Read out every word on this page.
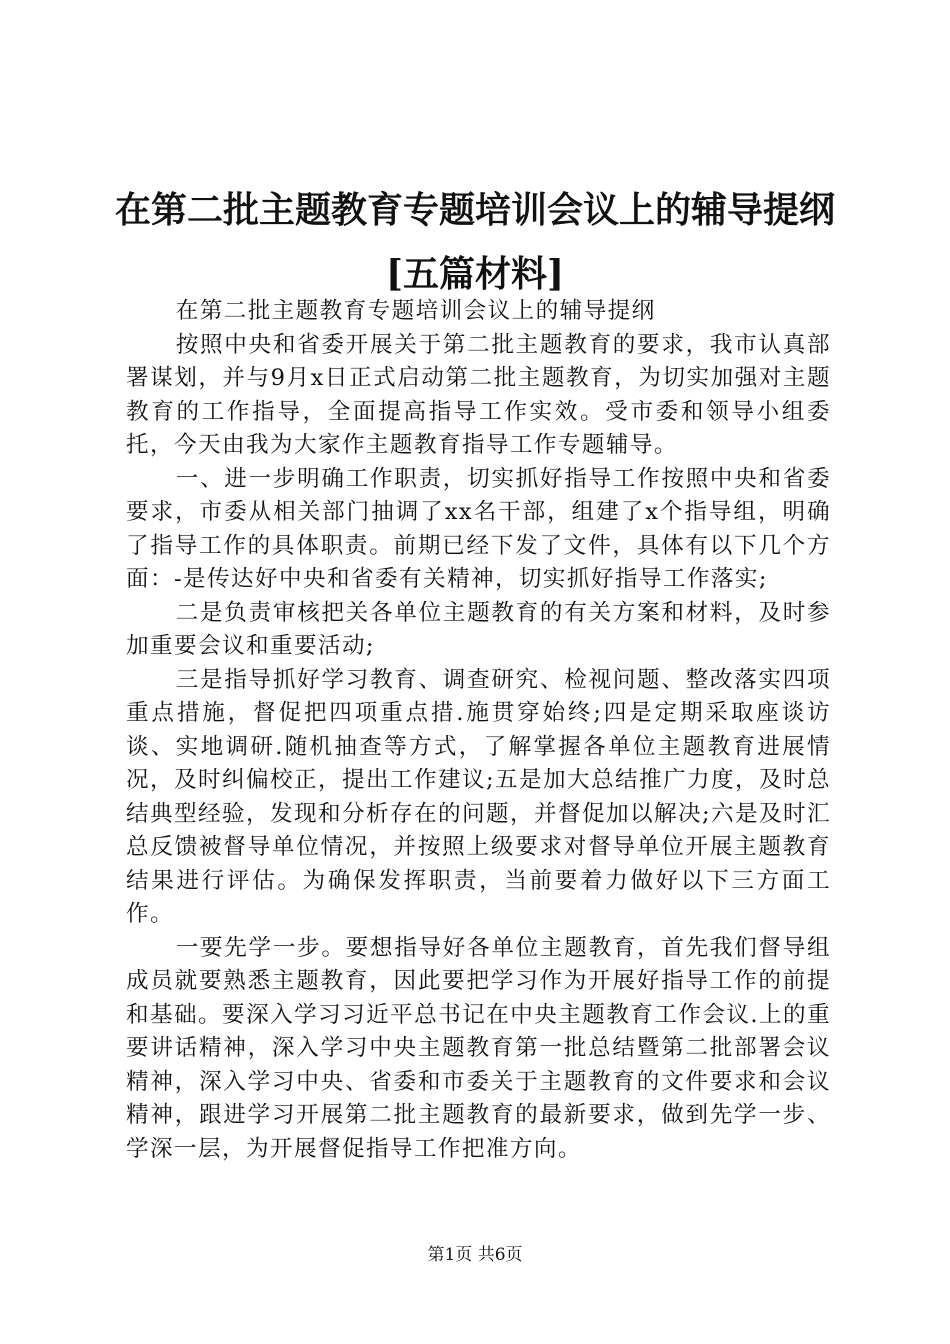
在第二批主题教育专题培训会议上的辅导提纲
[五篇材料]

在第二批主题教育专题培训会议上的辅导提纲

按照中央和省委开展关于第二批主题教育的要求，我市认真部署谋划，并与9月x日正式启动第二批主题教育，为切实加强对主题教育的工作指导，全面提高指导工作实效。受市委和领导小组委托，今天由我为大家作主题教育指导工作专题辅导。

一、进一步明确工作职责，切实抓好指导工作按照中央和省委要求，市委从相关部门抽调了xx名干部，组建了x个指导组，明确了指导工作的具体职责。前期已经下发了文件，具体有以下几个方面：-是传达好中央和省委有关精神，切实抓好指导工作落实;

二是负责审核把关各单位主题教育的有关方案和材料，及时参加重要会议和重要活动;

三是指导抓好学习教育、调查研究、检视问题、整改落实四项重点措施，督促把四项重点措.施贯穿始终;四是定期采取座谈访谈、实地调研.随机抽查等方式，了解掌握各单位主题教育进展情况，及时纠偏校正，提出工作建议;五是加大总结推广力度，及时总结典型经验，发现和分析存在的问题，并督促加以解决;六是及时汇总反馈被督导单位情况，并按照上级要求对督导单位开展主题教育结果进行评估。为确保发挥职责，当前要着力做好以下三方面工作。

一要先学一步。要想指导好各单位主题教育，首先我们督导组成员就要熟悉主题教育，因此要把学习作为开展好指导工作的前提和基础。要深入学习习近平总书记在中央主题教育工作会议.上的重要讲话精神，深入学习中央主题教育第一批总结暨第二批部署会议精神，深入学习中央、省委和市委关于主题教育的文件要求和会议精神，跟进学习开展第二批主题教育的最新要求，做到先学一步、学深一层，为开展督促指导工作把准方向。

第1页 共6页
